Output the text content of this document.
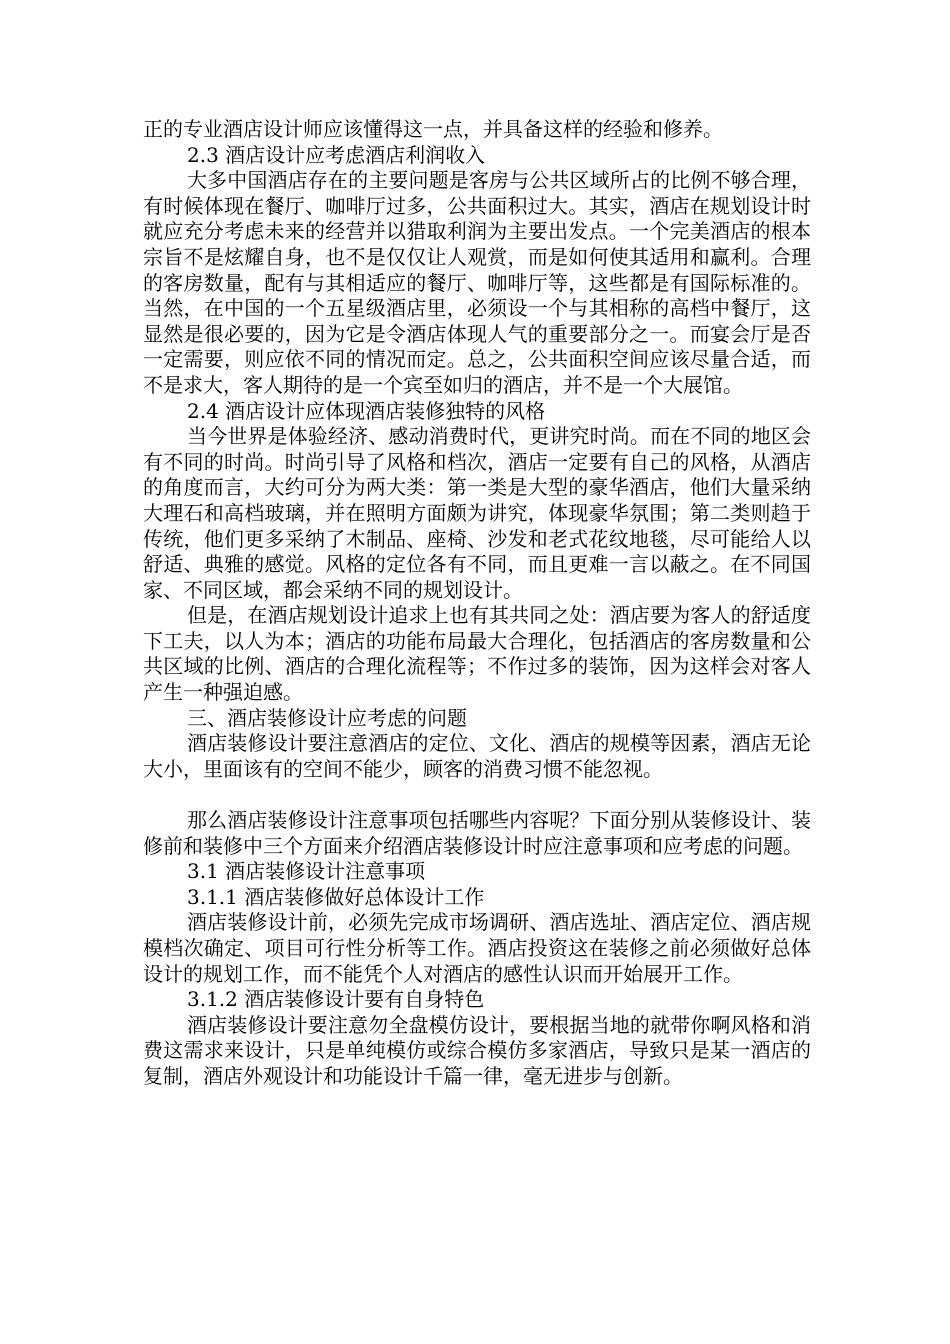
正的专业酒店设计师应该懂得这一点，并具备这样的经验和修养。

2.3 酒店设计应考虑酒店利润收入

大多中国酒店存在的主要问题是客房与公共区域所占的比例不够合理，有时候体现在餐厅、咖啡厅过多，公共面积过大。其实，酒店在规划设计时就应充分考虑未来的经营并以猎取利润为主要出发点。一个完美酒店的根本宗旨不是炫耀自身，也不是仅仅让人观赏，而是如何使其适用和赢利。合理的客房数量，配有与其相适应的餐厅、咖啡厅等，这些都是有国际标准的。当然，在中国的一个五星级酒店里，必须设一个与其相称的高档中餐厅，这显然是很必要的，因为它是令酒店体现人气的重要部分之一。而宴会厅是否一定需要，则应依不同的情况而定。总之，公共面积空间应该尽量合适，而不是求大，客人期待的是一个宾至如归的酒店，并不是一个大展馆。

2.4 酒店设计应体现酒店装修独特的风格

当今世界是体验经济、感动消费时代，更讲究时尚。而在不同的地区会有不同的时尚。时尚引导了风格和档次，酒店一定要有自己的风格，从酒店的角度而言，大约可分为两大类：第一类是大型的豪华酒店，他们大量采纳大理石和高档玻璃，并在照明方面颇为讲究，体现豪华氛围；第二类则趋于传统，他们更多采纳了木制品、座椅、沙发和老式花纹地毯，尽可能给人以舒适、典雅的感觉。风格的定位各有不同，而且更难一言以蔽之。在不同国家、不同区域，都会采纳不同的规划设计。

但是，在酒店规划设计追求上也有其共同之处：酒店要为客人的舒适度下工夫，以人为本；酒店的功能布局最大合理化，包括酒店的客房数量和公共区域的比例、酒店的合理化流程等；不作过多的装饰，因为这样会对客人产生一种强迫感。

三、酒店装修设计应考虑的问题

酒店装修设计要注意酒店的定位、文化、酒店的规模等因素，酒店无论大小，里面该有的空间不能少，顾客的消费习惯不能忽视。

那么酒店装修设计注意事项包括哪些内容呢？下面分别从装修设计、装修前和装修中三个方面来介绍酒店装修设计时应注意事项和应考虑的问题。

3.1 酒店装修设计注意事项

3.1.1 酒店装修做好总体设计工作

酒店装修设计前，必须先完成市场调研、酒店选址、酒店定位、酒店规模档次确定、项目可行性分析等工作。酒店投资这在装修之前必须做好总体设计的规划工作，而不能凭个人对酒店的感性认识而开始展开工作。

3.1.2 酒店装修设计要有自身特色

酒店装修设计要注意勿全盘模仿设计，要根据当地的就带你啊风格和消费这需求来设计，只是单纯模仿或综合模仿多家酒店，导致只是某一酒店的复制，酒店外观设计和功能设计千篇一律，毫无进步与创新。
